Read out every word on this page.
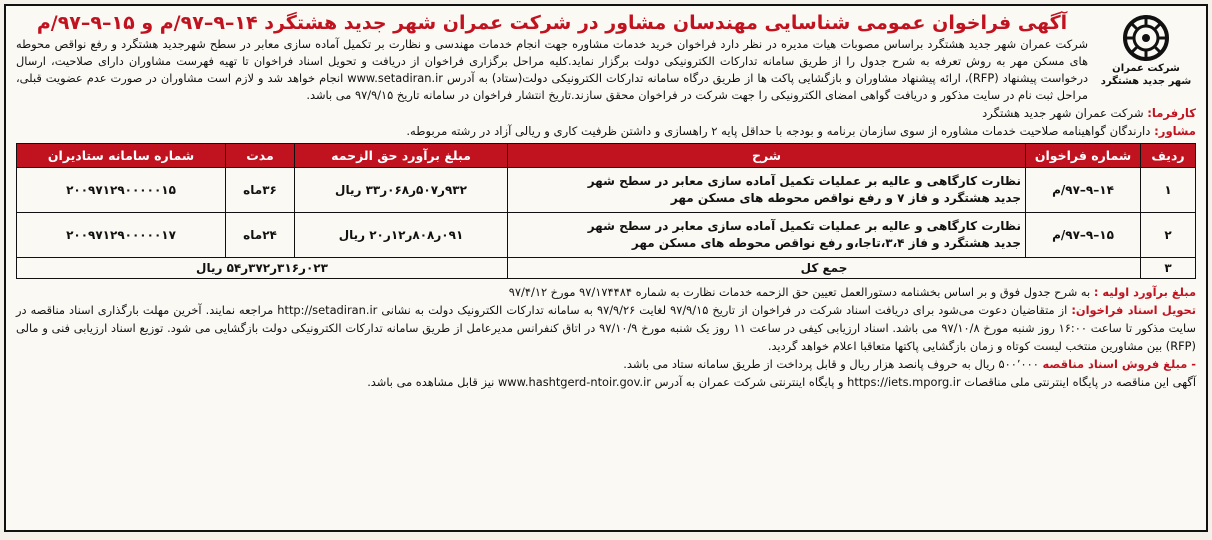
شرکت عمران
شهر جدید هشتگرد
آگهی فراخوان عمومی شناسایی مهندسان مشاور در شرکت عمران شهر جدید هشتگرد ۱۴–۹–۹۷/م و ۱۵–۹–۹۷/م

شرکت عمران شهر جدید هشتگرد براساس مصوبات هیات مدیره در نظر دارد فراخوان خرید خدمات مشاوره جهت انجام خدمات مهندسی و نظارت بر تکمیل آماده سازی معابر در سطح شهرجدید هشتگرد و رفع نواقص محوطه های مسکن مهر به روش تعرفه به شرح جدول را از طریق سامانه تدارکات الکترونیکی دولت برگزار نماید.کلیه مراحل برگزاری فراخوان از دریافت و تحویل اسناد فراخوان تا تهیه فهرست مشاوران دارای صلاحیت، ارسال درخواست پیشنهاد (RFP)، ارائه پیشنهاد مشاوران و بازگشایی پاکت ها از طریق درگاه سامانه تدارکات الکترونیکی دولت(ستاد) به آدرس www.setadiran.ir انجام خواهد شد و لازم است مشاوران در صورت عدم عضویت قبلی، مراحل ثبت نام در سایت مذکور و دریافت گواهی امضای الکترونیکی را جهت شرکت در فراخوان محقق سازند.تاریخ انتشار فراخوان در سامانه تاریخ ۹۷/۹/۱۵ می باشد.

کارفرما: شرکت عمران شهر جدید هشتگرد

مشاور: دارندگان گواهینامه صلاحیت خدمات مشاوره از سوی سازمان برنامه و بودجه با حداقل پایه ۲ راهسازی و داشتن ظرفیت کاری و ریالی آزاد در رشته مربوطه.

ردیف	شماره فراخوان	شرح	مبلغ برآورد حق الزحمه	مدت	شماره سامانه ستادیران
۱	۱۴–۹–۹۷/م	نظارت کارگاهی و عالیه بر عملیات تکمیل آماده سازی معابر در سطح شهر
جدید هشتگرد و فاز ۷ و رفع نواقص محوطه های مسکن مهر	۹۳۲ر۵۰۷ر۰۶۸ر۳۳ ریال	۳۶ماه	۲۰۰۹۷۱۲۹۰۰۰۰۰۱۵
۲	۱۵–۹–۹۷/م	نظارت کارگاهی و عالیه بر عملیات تکمیل آماده سازی معابر در سطح شهر
جدید هشتگرد و فاز ۳،۴،تاجا،و رفع نواقص محوطه های مسکن مهر	۰۹۱ر۸۰۸ر۱۲ر۲۰ ریال	۲۴ماه	۲۰۰۹۷۱۲۹۰۰۰۰۰۱۷
۳	جمع کل		۰۲۳ر۳۱۶ر۳۷۲ر۵۴ ریال		

مبلغ برآورد اولیه : به شرح جدول فوق و بر اساس بخشنامه دستورالعمل تعیین حق الزحمه خدمات نظارت به شماره ۹۷/۱۷۴۴۸۴ مورخ ۹۷/۴/۱۲

تحویل اسناد فراخوان: از متقاضیان دعوت می‌شود برای دریافت اسناد شرکت در فراخوان از تاریخ ۹۷/۹/۱۵ لغایت ۹۷/۹/۲۶ به سامانه تدارکات الکترونیک دولت به نشانی http://setadiran.ir مراجعه نمایند. آخرین مهلت بارگذاری اسناد مناقصه در سایت مذکور تا ساعت ۱۶:۰۰ روز شنبه مورخ ۹۷/۱۰/۸ می باشد. اسناد ارزیابی کیفی در ساعت ۱۱ روز یک شنبه مورخ ۹۷/۱۰/۹ در اتاق کنفرانس مدیرعامل از طریق سامانه تدارکات الکترونیکی دولت بازگشایی می شود. توزیع اسناد ارزیابی فنی و مالی (RFP) بین مشاورین منتخب لیست کوتاه و زمان بازگشایی پاکتها متعاقبا اعلام خواهد گردید.

- مبلغ فروش اسناد مناقصه ۵۰۰٬۰۰۰ ریال به حروف پانصد هزار ریال و قابل پرداخت از طریق سامانه ستاد می باشد.

آگهی این مناقصه در پایگاه اینترنتی ملی مناقصات https://iets.mporg.ir و پایگاه اینترنتی شرکت عمران به آدرس www.hashtgerd-ntoir.gov.ir نیز قابل مشاهده می باشد.
